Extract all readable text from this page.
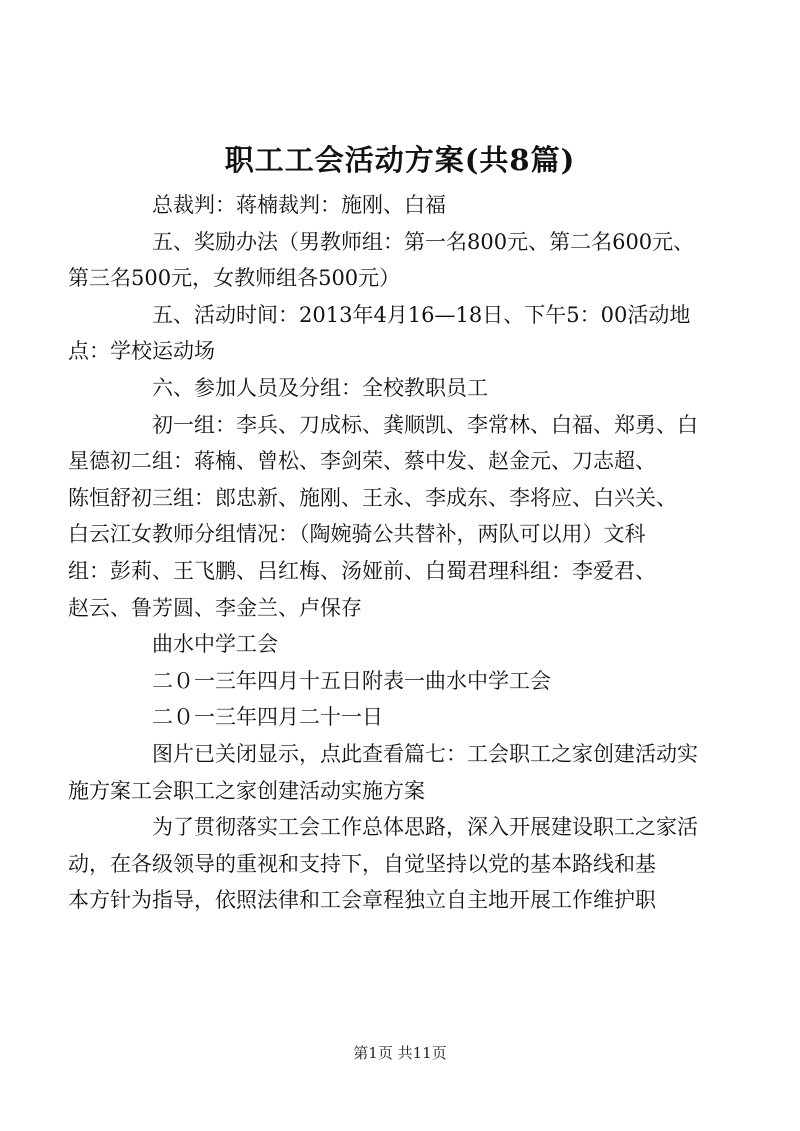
职工工会活动方案(共8篇)

总裁判：蒋楠裁判：施刚、白福

五、奖励办法（男教师组：第一名800元、第二名600元、
第三名500元，女教师组各500元）

五、活动时间：2013年4月16—18日、下午5：00活动地
点：学校运动场

六、参加人员及分组：全校教职员工

初一组：李兵、刀成标、龚顺凯、李常林、白福、郑勇、白
星德初二组：蒋楠、曾松、李剑荣、蔡中发、赵金元、刀志超、
陈恒舒初三组：郎忠新、施刚、王永、李成东、李将应、白兴关、
白云江女教师分组情况：（陶婉骑公共替补，两队可以用）文科
组：彭莉、王飞鹏、吕红梅、汤娅前、白蜀君理科组：李爱君、
赵云、鲁芳圆、李金兰、卢保存

曲水中学工会

二０一三年四月十五日附表一曲水中学工会

二０一三年四月二十一日

图片已关闭显示，点此查看篇七：工会职工之家创建活动实
施方案工会职工之家创建活动实施方案

为了贯彻落实工会工作总体思路，深入开展建设职工之家活
动，在各级领导的重视和支持下，自觉坚持以党的基本路线和基
本方针为指导，依照法律和工会章程独立自主地开展工作维护职

第1页 共11页
